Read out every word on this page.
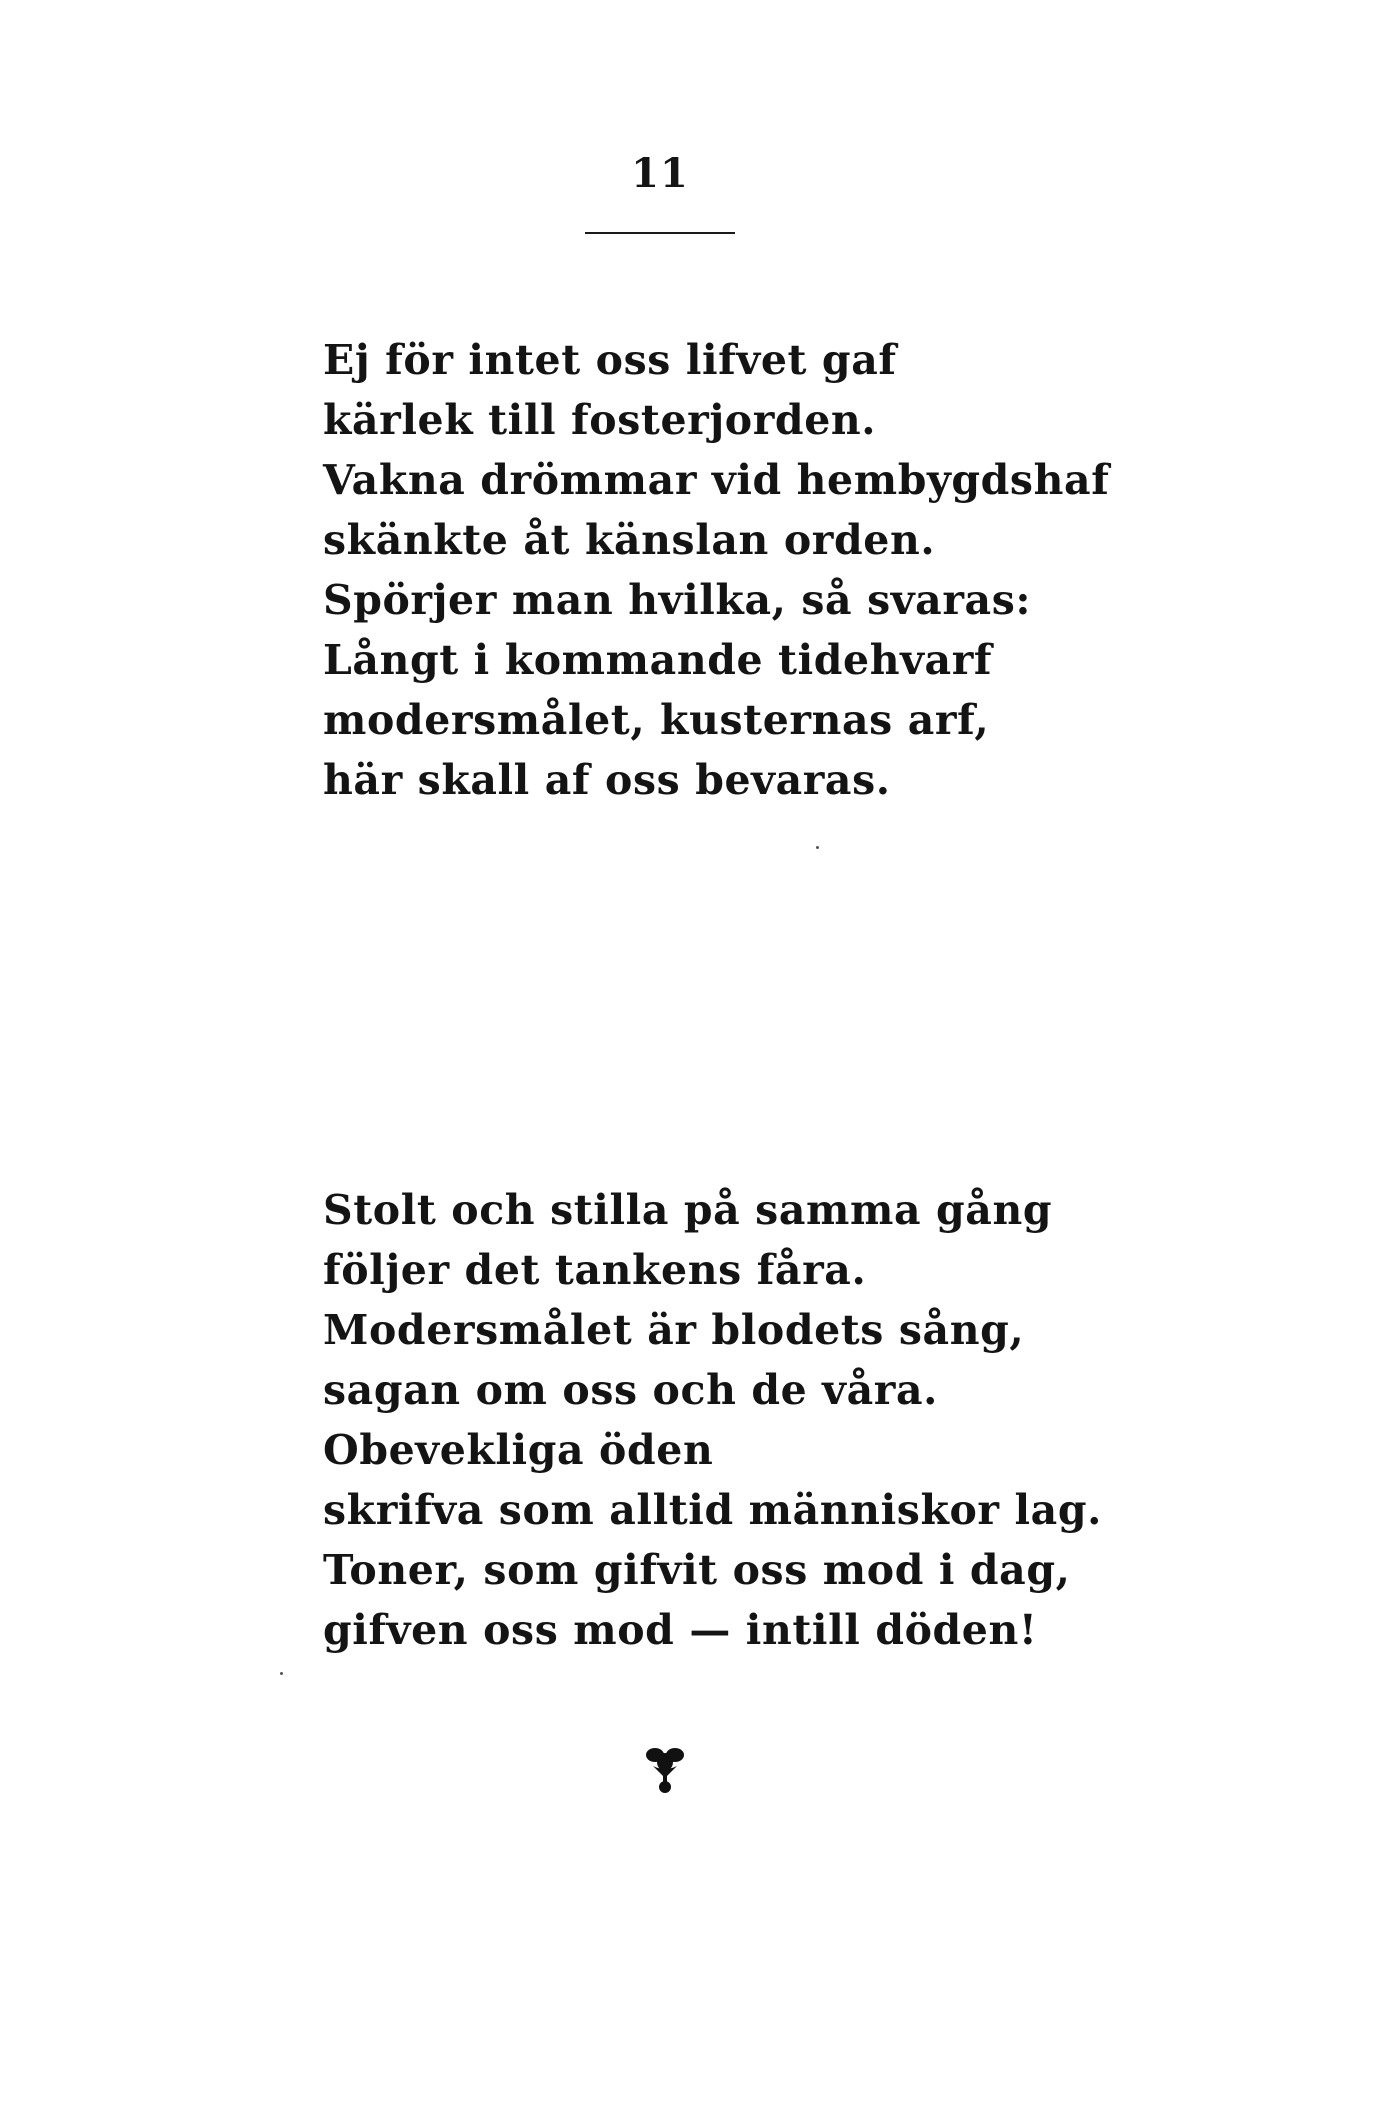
11
Ej för intet oss lifvet gaf
kärlek till fosterjorden.
Vakna drömmar vid hembygdshaf
skänkte åt känslan orden.
Spörjer man hvilka, så svaras:
Långt i kommande tidehvarf
modersmålet, kusternas arf,
här skall af oss bevaras.
Stolt och stilla på samma gång
följer det tankens fåra.
Modersmålet är blodets sång,
sagan om oss och de våra.
Obevekliga öden
skrifva som alltid människor lag.
Toner, som gifvit oss mod i dag,
gifven oss mod — intill döden!
